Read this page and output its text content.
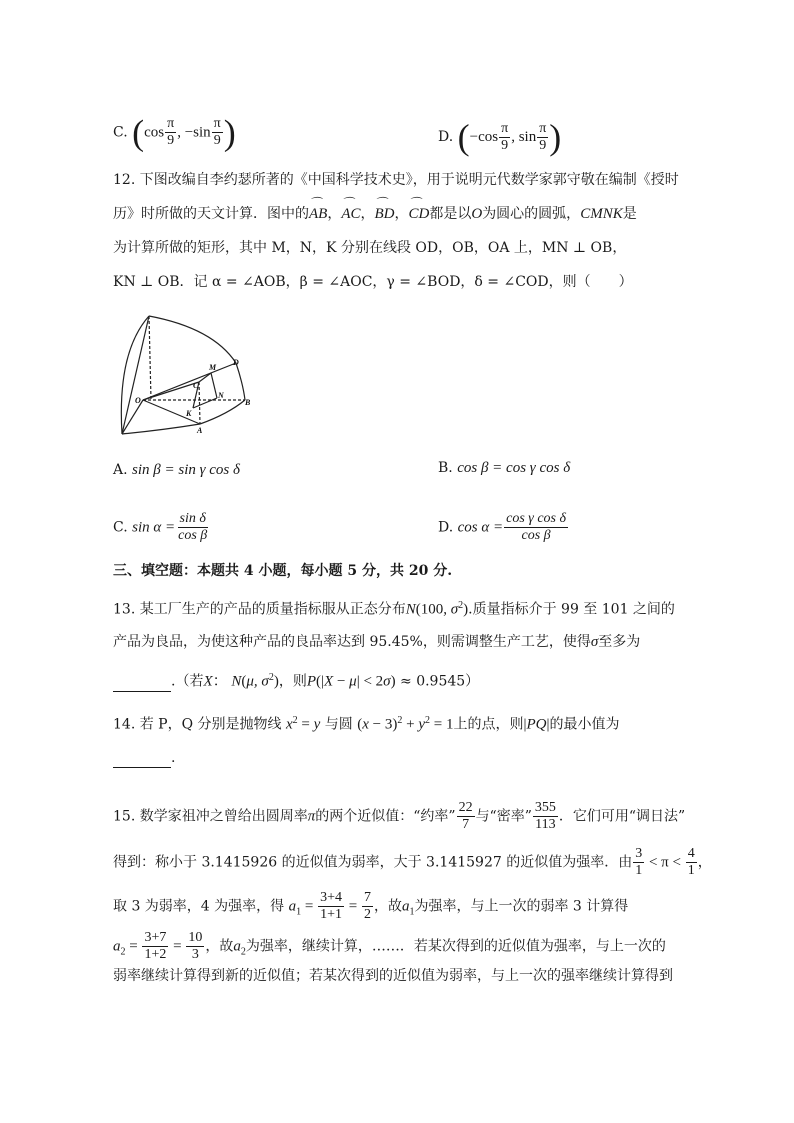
C. ($\cos \frac{\pi}{9}$ , $-\sin \frac{\pi}{9}$ )	D. ($-\cos \frac{\pi}{9}$ , $\sin \frac{\pi}{9}$ )
12. 下图改编自李约瑟所著的《中国科学技术史》，用于说明元代数学家郭守敬在编制《授时
历》时所做的天文计算．图中的⌒ AB，⌒ AC，⌒ BD，⌒ CD都是以O为圆心的圆弧，CMNK是
为计算所做的矩形，其中 M，N，K 分别在线段 OD，OB，OA 上，MN ⊥ OB，
KN ⊥ OB．记 α = ∠AOB，β = ∠AOC，γ = ∠BOD，δ = ∠COD，则（　　）
O
M
D
C
N
B
K
A
A. sin β = sin γ cos δ	B. cos β = cos γ cos δ
C. $\sin \alpha = \frac{\text{sin δ}}{\text{cos β}}$	D. $\cos \alpha = \frac{\text{cos γ cos δ}}{\text{cos β}}$
三、填空题：本题共 4 小题，每小题 5 分，共 20 分.
13. 某工厂生产的产品的质量指标服从正态分布N(100, $\sigma^2$).质量指标介于 99 至 101 之间的
产品为良品，为使这种产品的良品率达到 95.45%，则需调整生产工艺，使得σ至多为
.（若X： N(μ, $\sigma^2$)，则P(|X − μ| < 2σ) ≈ 0.9545）
14. 若 P，Q 分别是抛物线 $x^2 = y$ 与圆 $(x - 3)^2 + y^2 = 1$上的点，则|PQ|的最小值为
.
15. 数学家祖冲之曾给出圆周率π的两个近似值：“约率” $\frac{22}{7}$ 与“密率” $\frac{355}{113}$ ．它们可用“调日法”
得到：称小于 3.1415926 的近似值为弱率，大于 3.1415927 的近似值为强率．由 $\frac{3}{1} < \pi < \frac{4}{1}$ ，
取 3 为弱率，4 为强率，得 $a_1 = \frac{3+4}{1+1} = \frac{7}{2}$ ，故$a_1$为强率，与上一次的弱率 3 计算得
$a_2 = \frac{3+7}{1+2} = \frac{10}{3}$ ，故$a_2$为强率，继续计算，……．若某次得到的近似值为强率，与上一次的
弱率继续计算得到新的近似值；若某次得到的近似值为弱率，与上一次的强率继续计算得到
